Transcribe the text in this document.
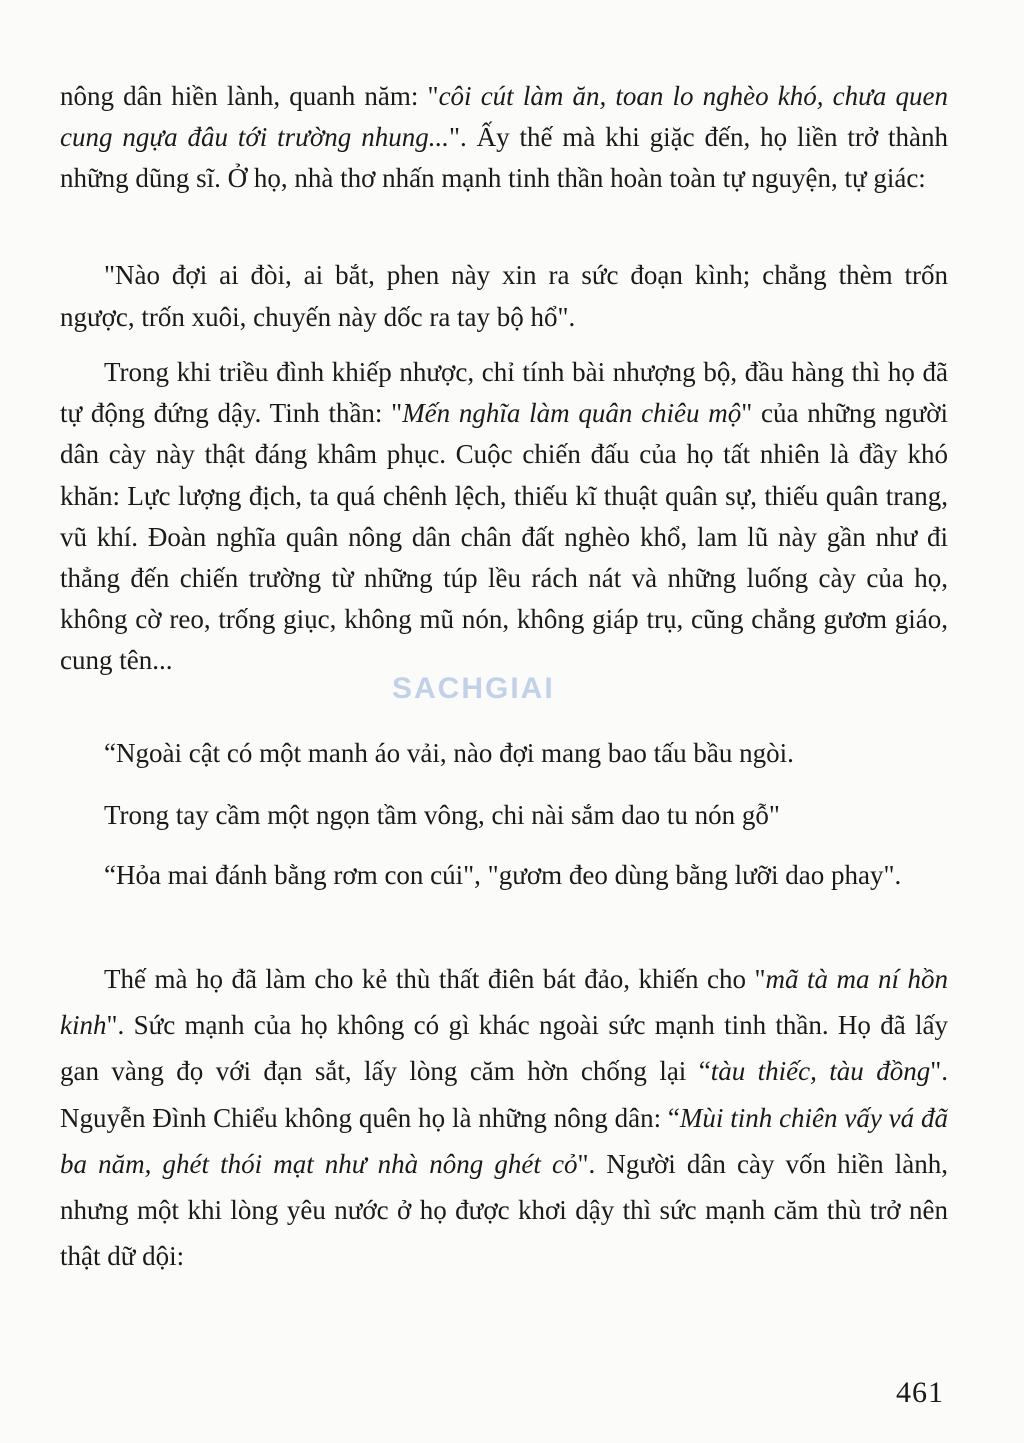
SACHGIAI

nông dân hiền lành, quanh năm: "côi cút làm ăn, toan lo nghèo khó, chưa quen cung ngựa đâu tới trường nhung...". Ấy thế mà khi giặc đến, họ liền trở thành những dũng sĩ. Ở họ, nhà thơ nhấn mạnh tinh thần hoàn toàn tự nguyện, tự giác:

"Nào đợi ai đòi, ai bắt, phen này xin ra sức đoạn kình; chẳng thèm trốn ngược, trốn xuôi, chuyến này dốc ra tay bộ hổ".

Trong khi triều đình khiếp nhược, chỉ tính bài nhượng bộ, đầu hàng thì họ đã tự động đứng dậy. Tinh thần: "Mến nghĩa làm quân chiêu mộ" của những người dân cày này thật đáng khâm phục. Cuộc chiến đấu của họ tất nhiên là đầy khó khăn: Lực lượng địch, ta quá chênh lệch, thiếu kĩ thuật quân sự, thiếu quân trang, vũ khí. Đoàn nghĩa quân nông dân chân đất nghèo khổ, lam lũ này gần như đi thẳng đến chiến trường từ những túp lều rách nát và những luống cày của họ, không cờ reo, trống giục, không mũ nón, không giáp trụ, cũng chẳng gươm giáo, cung tên...

“Ngoài cật có một manh áo vải, nào đợi mang bao tấu bầu ngòi.

Trong tay cầm một ngọn tầm vông, chi nài sắm dao tu nón gỗ"

“Hỏa mai đánh bằng rơm con cúi", "gươm đeo dùng bằng lưỡi dao phay".

Thế mà họ đã làm cho kẻ thù thất điên bát đảo, khiến cho "mã tà ma ní hồn kinh". Sức mạnh của họ không có gì khác ngoài sức mạnh tinh thần. Họ đã lấy gan vàng đọ với đạn sắt, lấy lòng căm hờn chống lại “tàu thiếc, tàu đồng". Nguyễn Đình Chiểu không quên họ là những nông dân: “Mùi tinh chiên vấy vá đã ba năm, ghét thói mạt như nhà nông ghét cỏ". Người dân cày vốn hiền lành, nhưng một khi lòng yêu nước ở họ được khơi dậy thì sức mạnh căm thù trở nên thật dữ dội:

461
